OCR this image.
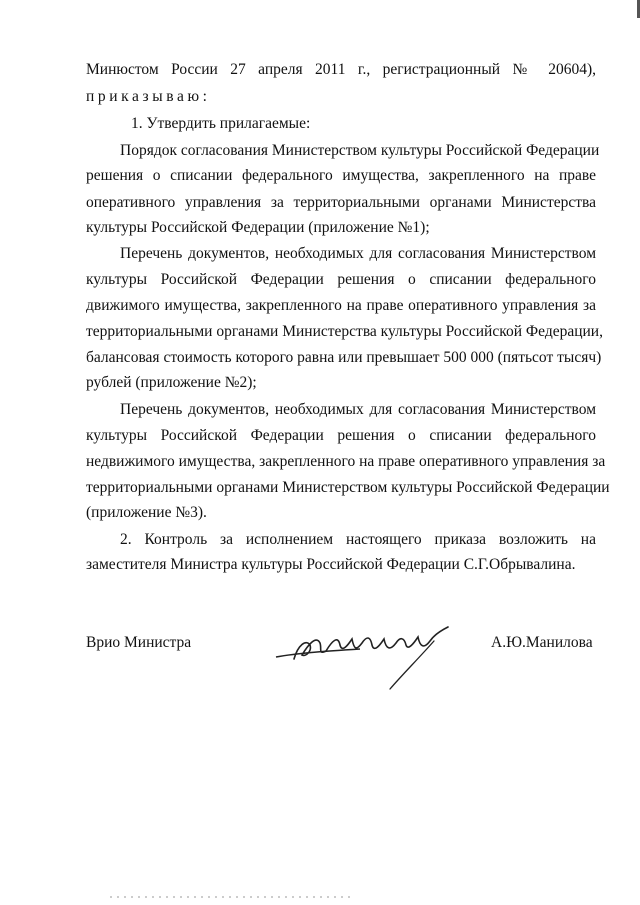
Минюстом России 27 апреля 2011 г., регистрационный № 20604),
приказываю:
1. Утвердить прилагаемые:
Порядок согласования Министерством культуры Российской Федерации
решения о списании федерального имущества, закрепленного на праве
оперативного управления за территориальными органами Министерства
культуры Российской Федерации (приложение №1);
Перечень документов, необходимых для согласования Министерством
культуры Российской Федерации решения о списании федерального
движимого имущества, закрепленного на праве оперативного управления за
территориальными органами Министерства культуры Российской Федерации,
балансовая стоимость которого равна или превышает 500 000 (пятьсот тысяч)
рублей (приложение №2);
Перечень документов, необходимых для согласования Министерством
культуры Российской Федерации решения о списании федерального
недвижимого имущества, закрепленного на праве оперативного управления за
территориальными органами Министерством культуры Российской Федерации
(приложение №3).
2. Контроль за исполнением настоящего приказа возложить на
заместителя Министра культуры Российской Федерации С.Г.Обрывалина.
Врио Министра	А.Ю.Манилова
